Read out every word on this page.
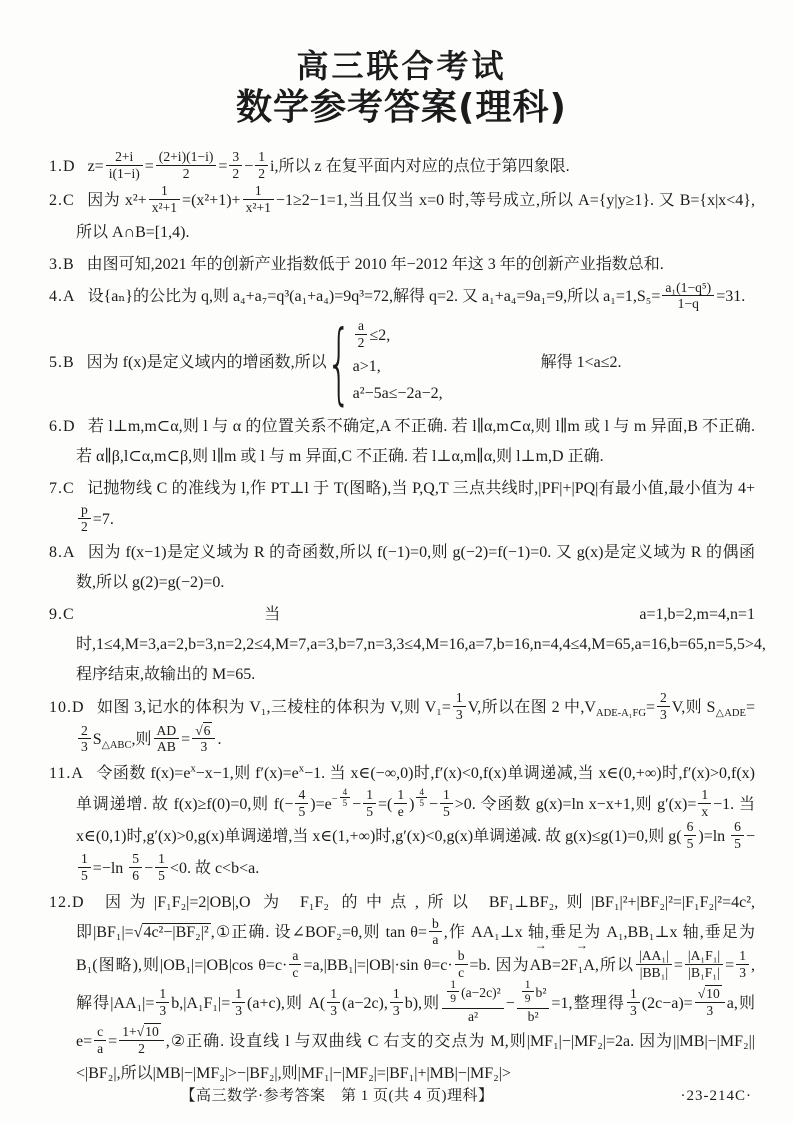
高三联合考试
数学参考答案(理科)
1.D $z= \frac{2+i}{i(1-i)} = \frac{(2+i)(1-i)}{2} = \frac{3}{2} - \frac{1}{2} i$,所以 z 在复平面内对应的点位于第四象限.
2.C 因为 $x^2+ \frac{1}{\text{x²+1}} =(x^2+1)+ \frac{1}{\text{x²+1}} -1\ge 2-1=1$,当且仅当 x=0 时,等号成立,所以 A={y|y≥1}. 又 B={x|x<4},所以 A∩B=[1,4).
3.B 由图可知,2021 年的创新产业指数低于 2010 年−2012 年这 3 年的创新产业指数总和.
4.A 设{aₙ}的公比为 q,则 a₄+a₇=q³(a₁+a₄)=9q³=72,解得 q=2. 又 a₁+a₄=9a₁=9,所以 $a_1=1,S_5= \frac{\text{a₁(1−q⁵)}}{1-q} =31$.
5.B 因为 f(x)是定义域内的增函数,所以 { $\frac{a}{2} \le 2$,
a>1,
a²−5a≤−2a−2,
　　　　　　解得 1<a≤2.
6.D 若 l⊥m,m⊂α,则 l 与 α 的位置关系不确定,A 不正确. 若 l∥α,m⊂α,则 l∥m 或 l 与 m 异面,B 不正确. 若 α∥β,l⊂α,m⊂β,则 l∥m 或 l 与 m 异面,C 不正确. 若 l⊥α,m∥α,则 l⊥m,D 正确.
7.C 记抛物线 C 的准线为 l,作 PT⊥l 于 T(图略),当 P,Q,T 三点共线时,|PF|+|PQ|有最小值,最小值为 4+
$\frac{p}{2} =7$.
8.A 因为 f(x−1)是定义域为 R 的奇函数,所以 f(−1)=0,则 g(−2)=f(−1)=0. 又 g(x)是定义域为 R 的偶函数,所以 g(2)=g(−2)=0.
9.C 当 a=1,b=2,m=4,n=1 时,1≤4,M=3,a=2,b=3,n=2,2≤4,M=7,a=3,b=7,n=3,3≤4,M=16,a=7,b=16,n=4,4≤4,M=65,a=16,b=65,n=5,5>4,程序结束,故输出的 M=65.
10.D 如图 3,记水的体积为 V₁,三棱柱的体积为 V,则 $V_1= \frac{1}{3} V$,所以在图 2 中$,V_{ADE-A_1FG}= \frac{2}{3} V$,则 $S_{\triangle ADE}=$
$\frac{2}{3} S_{\triangle ABC}$,则 $\frac{AD}{AB} = \frac{√6}{3}$ .
11.A 令函数 $f(x)=e^x-x-1$,则 $f'(x)=e^x-1$. 当 x∈(−∞,0)时,f′(x)<0,f(x)单调递减,当 x∈(0,+∞)时,f′(x)>0,f(x)单调递增. 故 f(x)≥f(0)=0,则 $f(- \frac{4}{5} )=e^{- \frac{4}{5}} - \frac{1}{5}$ =( $\frac{1}{e}$ ) $^{\frac{4}{5}} - \frac{1}{5} >0$. 令函数 g(x)=ln x−x+1,则 $g'(x)= \frac{1}{x} -1$. 当 x∈(0,1)时,g′(x)>0,g(x)单调递增,当 x∈(1,+∞)时,g′(x)<0,g(x)单调递减. 故 g(x)≤g(1)=0,则 $g( \frac{6}{5} )=\ln \frac{6}{5}$ −
$\frac{1}{5} =-\ln \frac{5}{6} - \frac{1}{5} <0$. 故 c<b<a.
12.D 因为|F₁F₂|=2|OB|,O 为 F₁F₂ 的中点,所以 BF₁⊥BF₂,则|BF₁|²+|BF₂|²=|F₁F₂|²=4c²,即|BF₁|=√4c²−|BF₂|² ,①正确. 设∠BOF₂=θ,则 $\tan \theta= \frac{b}{a}$ ,作 AA₁⊥x 轴,垂足为 A₁,BB₁⊥x 轴,垂足为 B₁(图略),则|OB₁|=|OB|cos $\theta=c\cdot \frac{a}{c} =a,|BB_1|=|OB|\cdot\sin$ $\theta=c\cdot \frac{b}{c} =b$. 因为AB →=2F₁A →,所以 $\frac{\text{|AA₁|}}{\text{|BB₁|}} = \frac{\text{|A₁F₁|}}{\text{|B₁F₁|}} = \frac{1}{3}$ ,解得$|AA_1|= \frac{1}{3} b,|A_1F_1|= \frac{1}{3} (a+c)$,则 $A( \frac{1}{3} (a-2c)$, $\frac{1}{3} b$),则 $\frac{\frac{1}{9} (a-2c)^2}{\text{a²}} - \frac{\frac{1}{9} b^2}{\text{b²}} =1$,整理得 $\frac{1}{3} (2c-a)= \frac{√10}{3} a$,则 $e= \frac{c}{a} = \frac{1+√10}{2}$ ,②正确. 设直线 l 与双曲线 C 右支的交点为 M,则|MF₁|−|MF₂|=2a. 因为||MB|−|MF₂||<|BF₂|,所以|MB|−|MF₂|>−|BF₂|,则|MF₁|−|MF₂|=|BF₁|+|MB|−|MF₂|>
【高三数学·参考答案　第 1 页(共 4 页)理科】	·23-214C·
